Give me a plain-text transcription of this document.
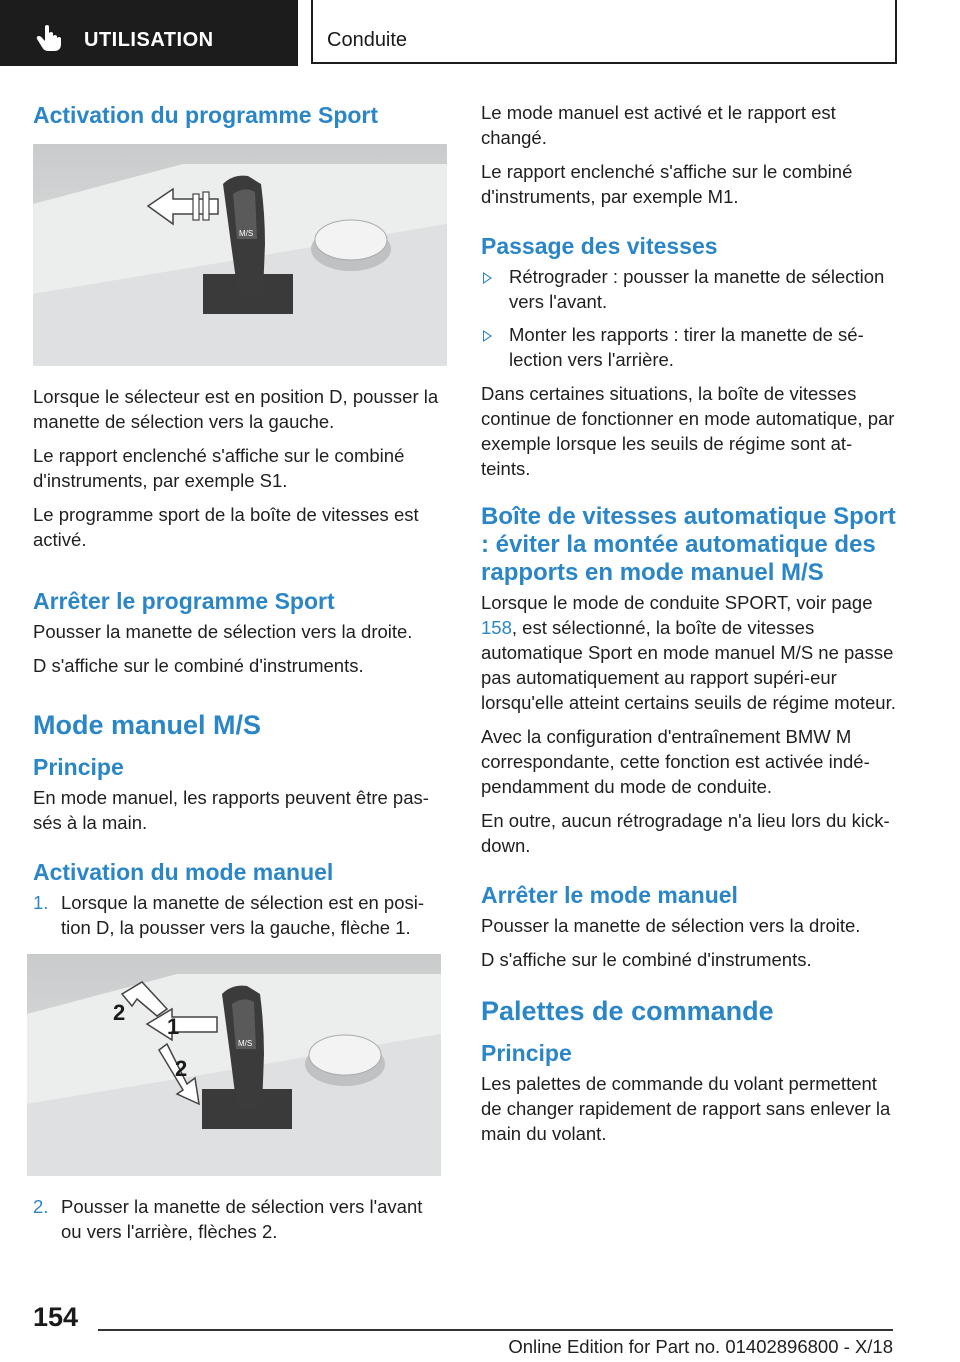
UTILISATION	Conduite
Activation du programme Sport
M/S

Lorsque le sélecteur est en position D, pousser la manette de sélection vers la gauche.

Le rapport enclenché s'affiche sur le combiné d'instruments, par exemple S1.

Le programme sport de la boîte de vitesses est activé.

Arrêter le programme Sport

Pousser la manette de sélection vers la droite.

D s'affiche sur le combiné d'instruments.

Mode manuel M/S
Principe

En mode manuel, les rapports peuvent être pas-sés à la main.

Activation du mode manuel
1. Lorsque la manette de sélection est en posi-tion D, la pousser vers la gauche, flèche 1.
M/S
1
2
2
2. Pousser la manette de sélection vers l'avant ou vers l'arrière, flèches 2.

Le mode manuel est activé et le rapport est changé.

Le rapport enclenché s'affiche sur le combiné d'instruments, par exemple M1.

Passage des vitesses
Rétrograder : pousser la manette de sélection vers l'avant.
Monter les rapports : tirer la manette de sé-lection vers l'arrière.

Dans certaines situations, la boîte de vitesses continue de fonctionner en mode automatique, par exemple lorsque les seuils de régime sont at-teints.

Boîte de vitesses automatique Sport : éviter la montée automatique des rapports en mode manuel M/S

Lorsque le mode de conduite SPORT, voir page 158, est sélectionné, la boîte de vitesses automatique Sport en mode manuel M/S ne passe pas automatiquement au rapport supéri-eur lorsqu'elle atteint certains seuils de régime moteur.

Avec la configuration d'entraînement BMW M correspondante, cette fonction est activée indé-pendamment du mode de conduite.

En outre, aucun rétrogradage n'a lieu lors du kick-down.

Arrêter le mode manuel

Pousser la manette de sélection vers la droite.

D s'affiche sur le combiné d'instruments.

Palettes de commande
Principe

Les palettes de commande du volant permettent de changer rapidement de rapport sans enlever la main du volant.

154
Online Edition for Part no. 01402896800 - X/18
